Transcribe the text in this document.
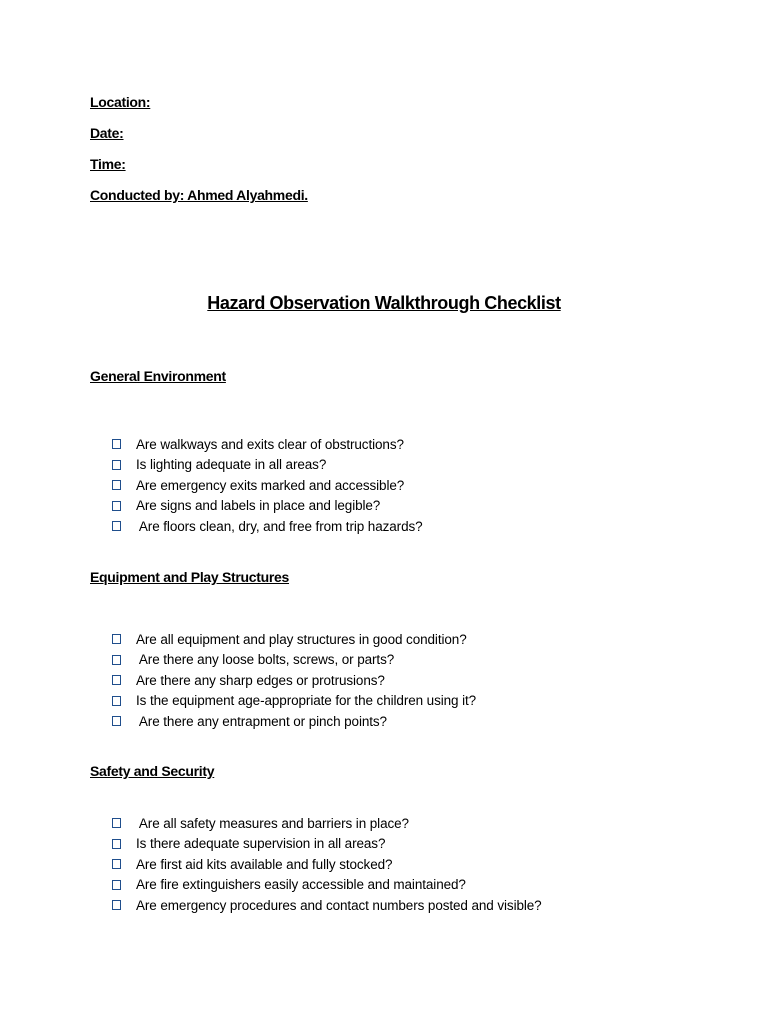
Location:
Date:
Time:
Conducted by: Ahmed Alyahmedi.
Hazard Observation Walkthrough Checklist
General Environment
Are walkways and exits clear of obstructions?
Is lighting adequate in all areas?
Are emergency exits marked and accessible?
Are signs and labels in place and legible?
Are floors clean, dry, and free from trip hazards?
Equipment and Play Structures
Are all equipment and play structures in good condition?
Are there any loose bolts, screws, or parts?
Are there any sharp edges or protrusions?
Is the equipment age-appropriate for the children using it?
Are there any entrapment or pinch points?
Safety and Security
Are all safety measures and barriers in place?
Is there adequate supervision in all areas?
Are first aid kits available and fully stocked?
Are fire extinguishers easily accessible and maintained?
Are emergency procedures and contact numbers posted and visible?
